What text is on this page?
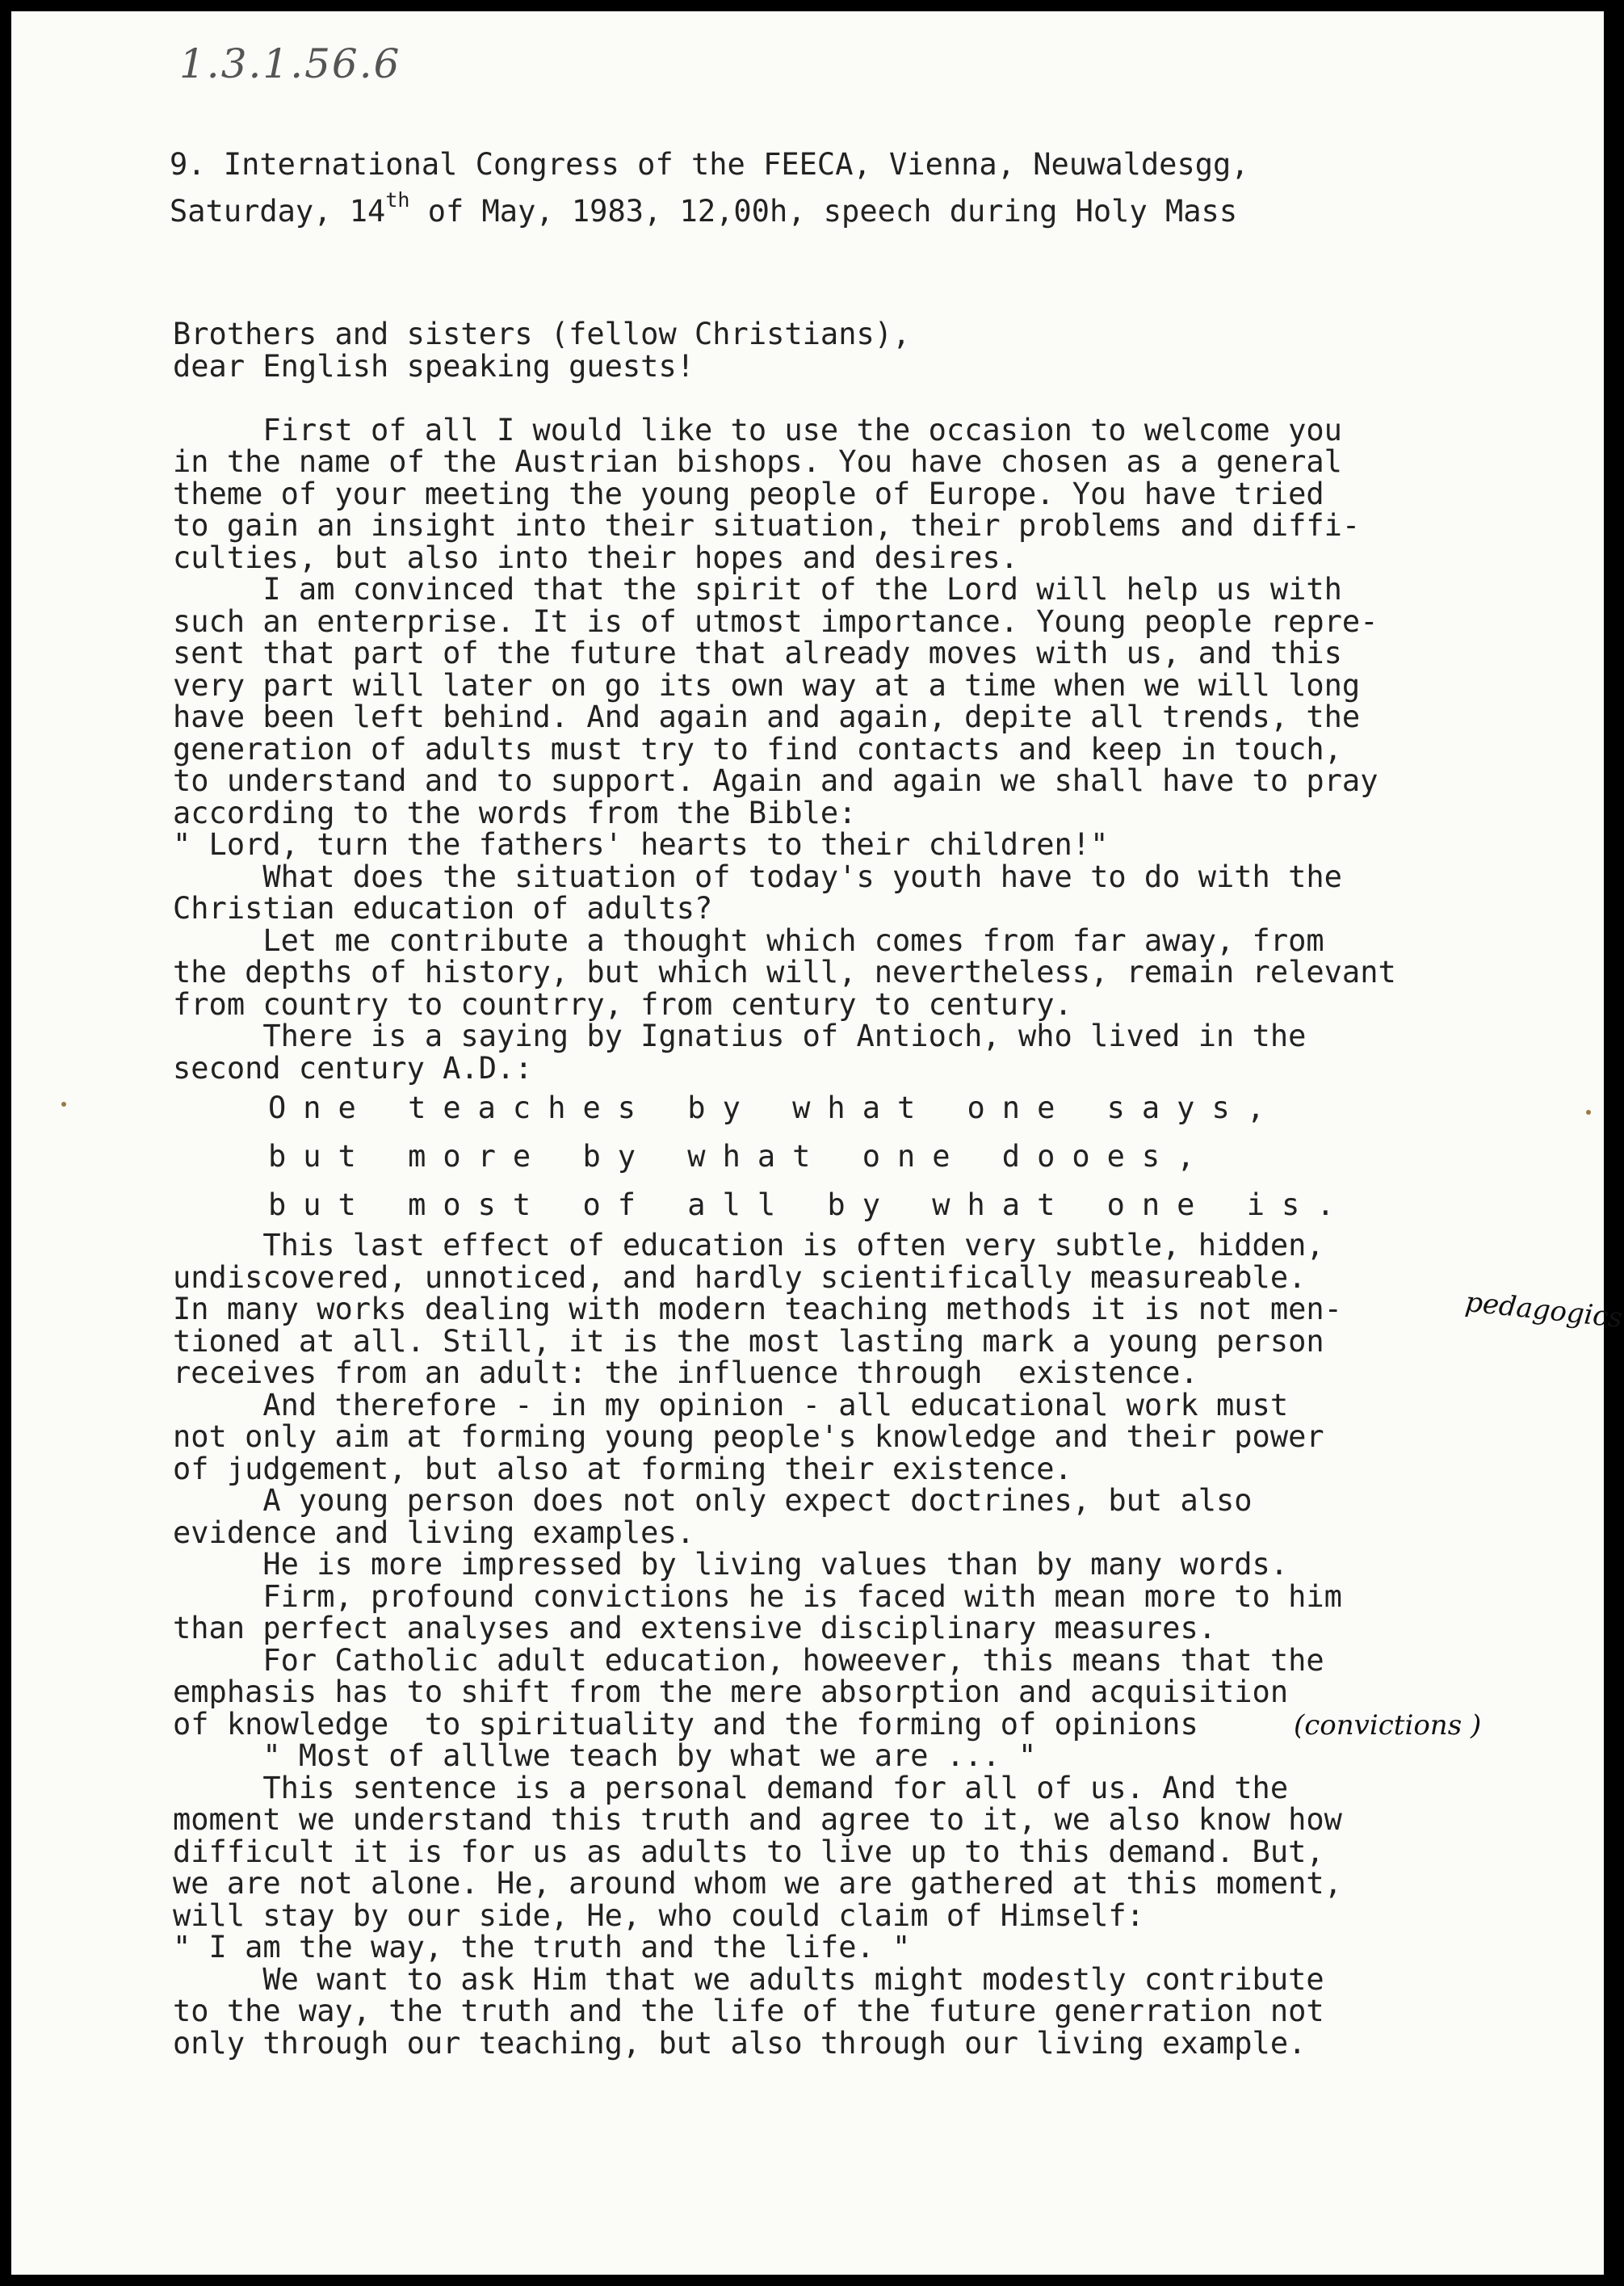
1.3.1.56.6
9. International Congress of the FEECA, Vienna, Neuwaldesgg,
Saturday, 14th of May, 1983, 12,00h, speech during Holy Mass

Brothers and sisters (fellow Christians),

dear English speaking guests!

First of all I would like to use the occasion to welcome you

in the name of the Austrian bishops. You have chosen as a general

theme of your meeting the young people of Europe. You have tried

to gain an insight into their situation, their problems and diffi-

culties, but also into their hopes and desires.

I am convinced that the spirit of the Lord will help us with

such an enterprise. It is of utmost importance. Young people repre-

sent that part of the future that already moves with us, and this

very part will later on go its own way at a time when we will long

have been left behind. And again and again, depite all trends, the

generation of adults must try to find contacts and keep in touch,

to understand and to support. Again and again we shall have to pray

according to the words from the Bible:

" Lord, turn the fathers' hearts to their children!"

What does the situation of today's youth have to do with the

Christian education of adults?

Let me contribute a thought which comes from far away, from

the depths of history, but which will, nevertheless, remain relevant

from country to countrry, from century to century.

There is a saying by Ignatius of Antioch, who lived in the

second century A.D.:

One teaches by what one says,

but more by what one dooes,

but most of all by what one is.

This last effect of education is often very subtle, hidden,

undiscovered, unnoticed, and hardly scientifically measureable.

In many works dealing with modern teaching methods it is not men-

tioned at all. Still, it is the most lasting mark a young person

receives from an adult: the influence through  existence.

And therefore - in my opinion - all educational work must

not only aim at forming young people's knowledge and their power

of judgement, but also at forming their existence.

A young person does not only expect doctrines, but also

evidence and living examples.

He is more impressed by living values than by many words.

Firm, profound convictions he is faced with mean more to him

than perfect analyses and extensive disciplinary measures.

For Catholic adult education, howeever, this means that the

emphasis has to shift from the mere absorption and acquisition

of knowledge  to spirituality and the forming of opinions

" Most of alllwe teach by what we are ... "

This sentence is a personal demand for all of us. And the

moment we understand this truth and agree to it, we also know how

difficult it is for us as adults to live up to this demand. But,

we are not alone. He, around whom we are gathered at this moment,

will stay by our side, He, who could claim of Himself:

" I am the way, the truth and the life. "

We want to ask Him that we adults might modestly contribute

to the way, the truth and the life of the future generration not

only through our teaching, but also through our living example.

pedagogics
(convictions )
